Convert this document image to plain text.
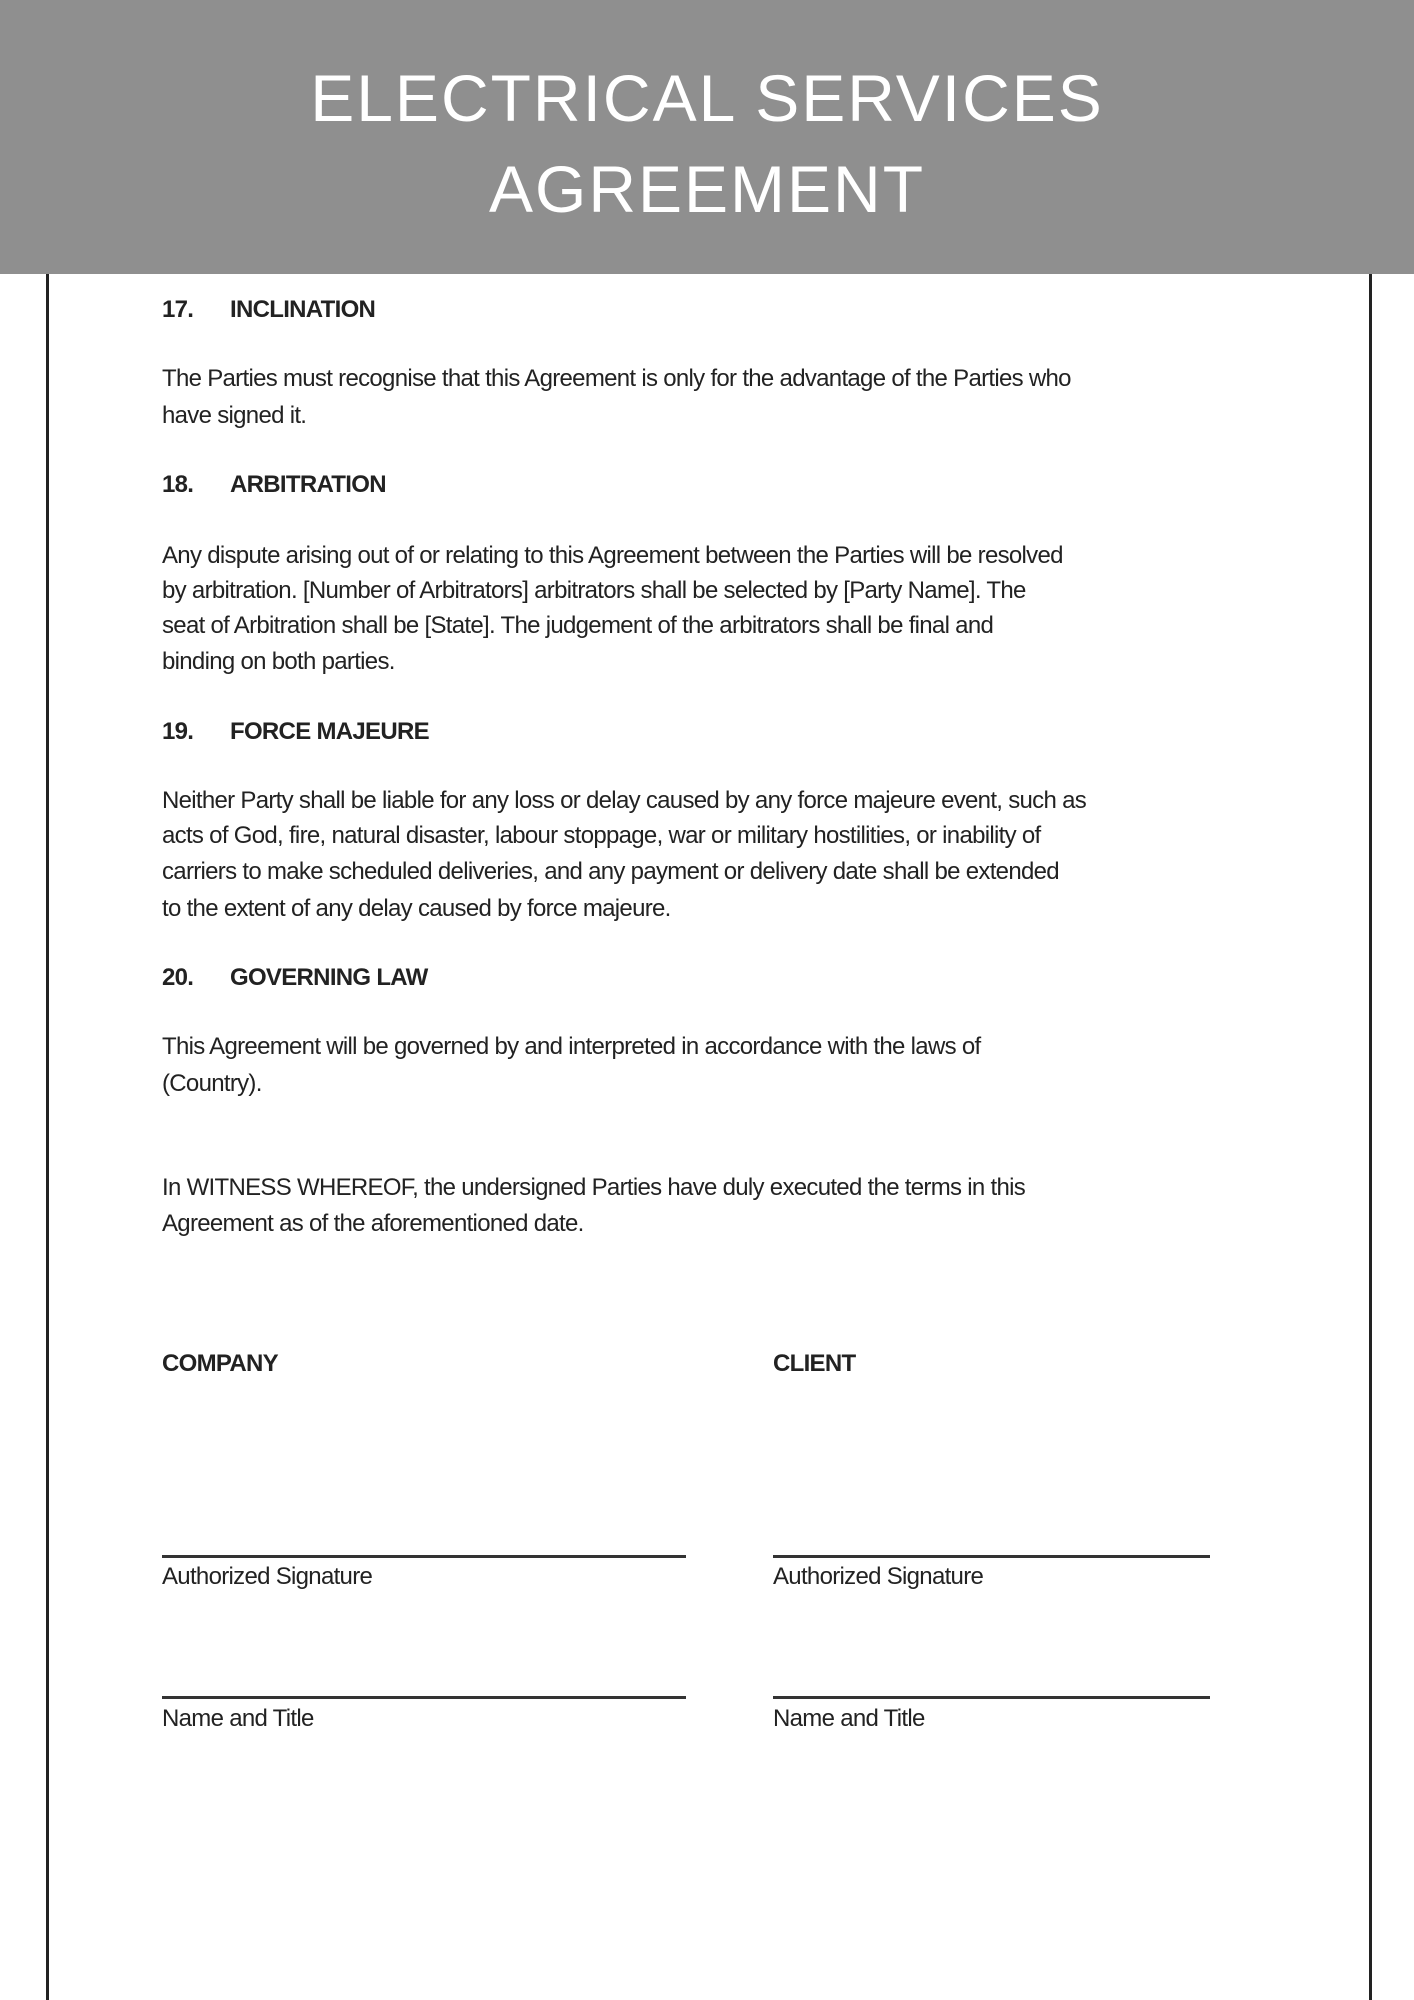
ELECTRICAL SERVICES
AGREEMENT
17. INCLINATION
The Parties must recognise that this Agreement is only for the advantage of the Parties who
have signed it.
18. ARBITRATION
Any dispute arising out of or relating to this Agreement between the Parties will be resolved
by arbitration. [Number of Arbitrators] arbitrators shall be selected by [Party Name]. The
seat of Arbitration shall be [State]. The judgement of the arbitrators shall be final and
binding on both parties.
19. FORCE MAJEURE
Neither Party shall be liable for any loss or delay caused by any force majeure event, such as
acts of God, fire, natural disaster, labour stoppage, war or military hostilities, or inability of
carriers to make scheduled deliveries, and any payment or delivery date shall be extended
to the extent of any delay caused by force majeure.
20. GOVERNING LAW
This Agreement will be governed by and interpreted in accordance with the laws of
(Country).
In WITNESS WHEREOF, the undersigned Parties have duly executed the terms in this
Agreement as of the aforementioned date.
COMPANY	CLIENT
Authorized Signature	Authorized Signature
Name and Title	Name and Title
